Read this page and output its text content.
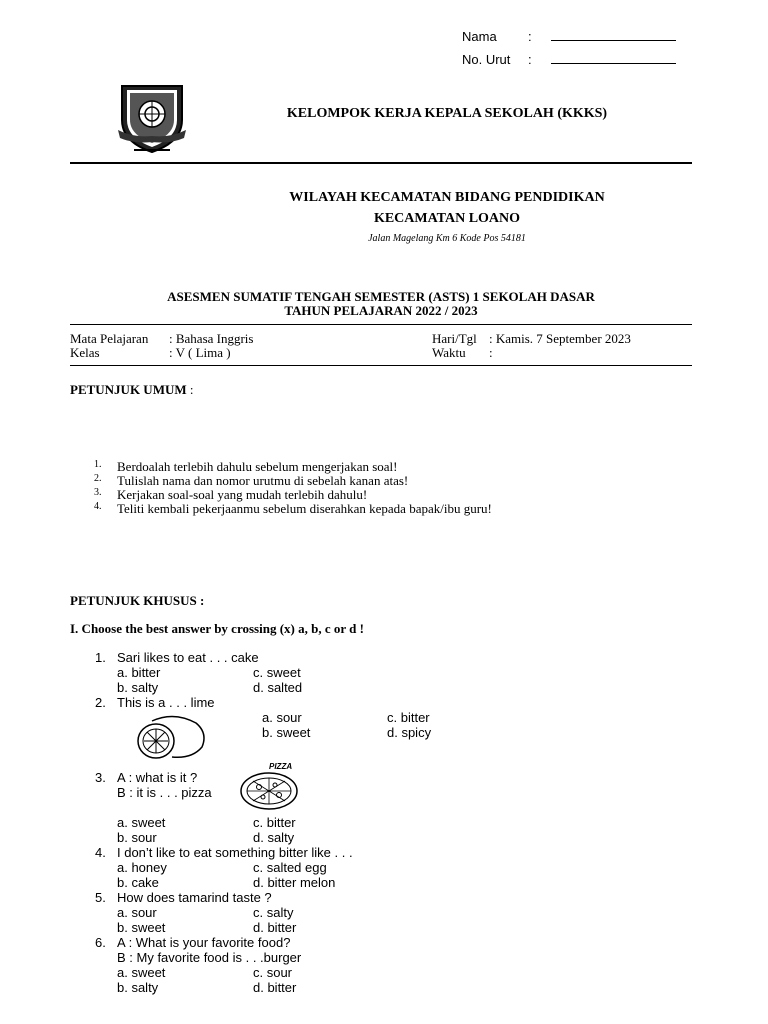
Nama :
No. Urut :
KELOMPOK KERJA KEPALA SEKOLAH (KKKS)
WILAYAH KECAMATAN BIDANG PENDIDIKAN
KECAMATAN LOANO
Jalan Magelang Km 6 Kode Pos 54181
ASESMEN SUMATIF TENGAH SEMESTER (ASTS) 1 SEKOLAH DASAR
TAHUN PELAJARAN 2022 / 2023
Mata Pelajaran : Bahasa Inggris
Kelas	: V ( Lima )
Hari/Tgl : Kamis. 7 September 2023
Waktu :
PETUNJUK UMUM :
1. Berdoalah terlebih dahulu sebelum mengerjakan soal!
2. Tulislah nama dan nomor urutmu di sebelah kanan atas!
3. Kerjakan soal-soal yang mudah terlebih dahulu!
4. Teliti kembali pekerjaanmu sebelum diserahkan kepada bapak/ibu guru!
PETUNJUK KHUSUS :
I. Choose the best answer by crossing (x) a, b, c or d !
1. Sari likes to eat . . . cake
a. bitter	c. sweet
b. salty	d. salted
2. This is a . . . lime
a. sour	c. bitter
b. sweet	d. spicy
3. A : what is it ?
B : it is . . . pizza
PIZZA
a. sweet	c. bitter
b. sour	d. salty
4. I don’t like to eat something bitter like . . .
a. honey	c. salted egg
b. cake	d. bitter melon
5. How does tamarind taste ?
a. sour	c. salty
b. sweet	d. bitter
6. A : What is your favorite food?
B : My favorite food is . . .burger
a. sweet	c. sour
b. salty	d. bitter
